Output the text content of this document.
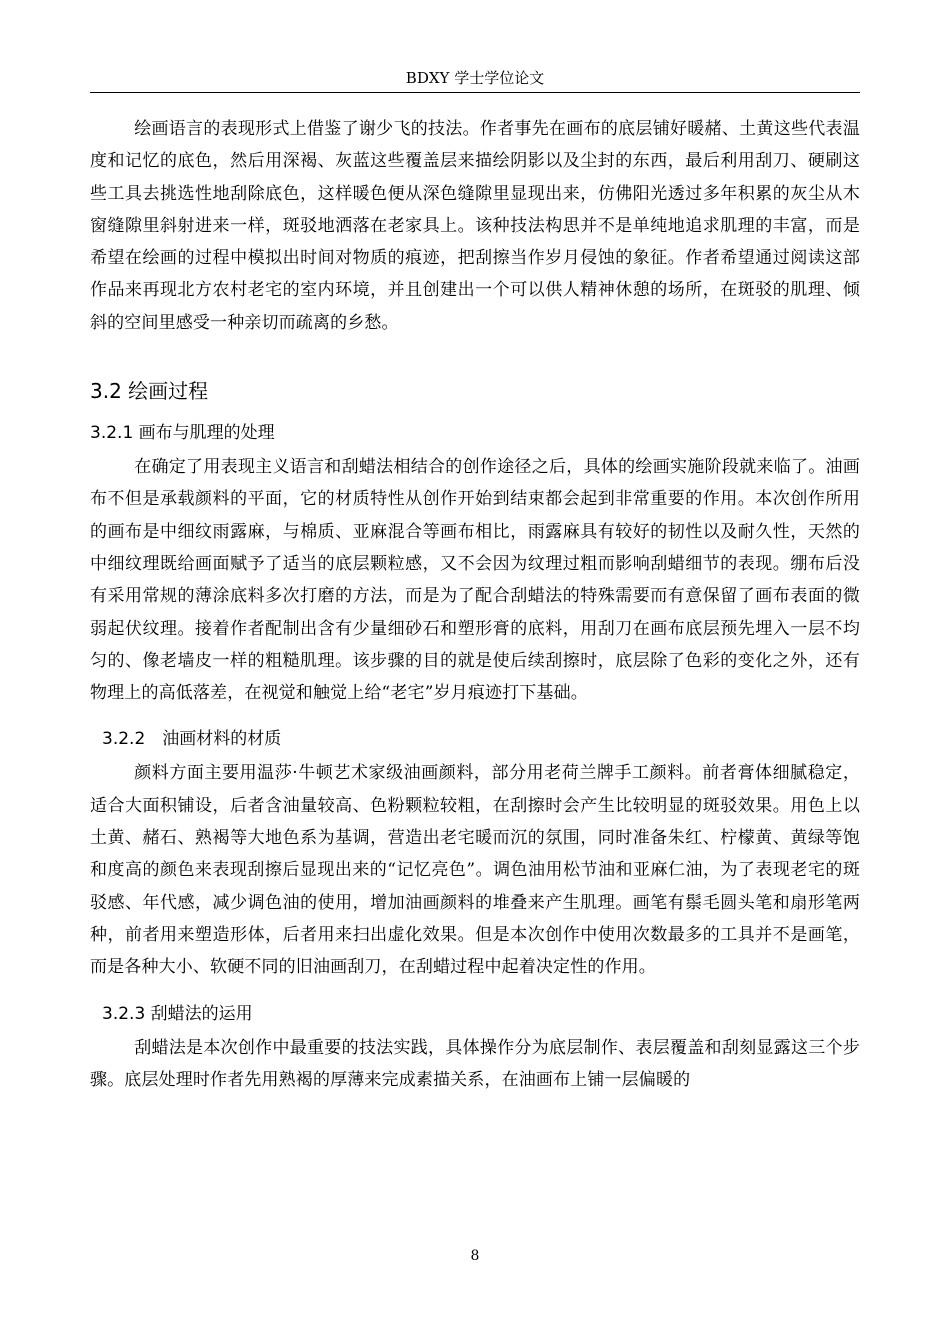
BDXY 学士学位论文

绘画语言的表现形式上借鉴了谢少飞的技法。作者事先在画布的底层铺好暖赭、土黄这些代表温度和记忆的底色，然后用深褐、灰蓝这些覆盖层来描绘阴影以及尘封的东西，最后利用刮刀、硬刷这些工具去挑选性地刮除底色，这样暖色便从深色缝隙里显现出来，仿佛阳光透过多年积累的灰尘从木窗缝隙里斜射进来一样，斑驳地洒落在老家具上。该种技法构思并不是单纯地追求肌理的丰富，而是希望在绘画的过程中模拟出时间对物质的痕迹，把刮擦当作岁月侵蚀的象征。作者希望通过阅读这部作品来再现北方农村老宅的室内环境，并且创建出一个可以供人精神休憩的场所，在斑驳的肌理、倾斜的空间里感受一种亲切而疏离的乡愁。

3.2 绘画过程
3.2.1 画布与肌理的处理

在确定了用表现主义语言和刮蜡法相结合的创作途径之后，具体的绘画实施阶段就来临了。油画布不但是承载颜料的平面，它的材质特性从创作开始到结束都会起到非常重要的作用。本次创作所用的画布是中细纹雨露麻，与棉质、亚麻混合等画布相比，雨露麻具有较好的韧性以及耐久性，天然的中细纹理既给画面赋予了适当的底层颗粒感，又不会因为纹理过粗而影响刮蜡细节的表现。绷布后没有采用常规的薄涂底料多次打磨的方法，而是为了配合刮蜡法的特殊需要而有意保留了画布表面的微弱起伏纹理。接着作者配制出含有少量细砂石和塑形膏的底料，用刮刀在画布底层预先埋入一层不均匀的、像老墙皮一样的粗糙肌理。该步骤的目的就是使后续刮擦时，底层除了色彩的变化之外，还有物理上的高低落差，在视觉和触觉上给“老宅”岁月痕迹打下基础。

3.2.2　油画材料的材质

颜料方面主要用温莎·牛顿艺术家级油画颜料，部分用老荷兰牌手工颜料。前者膏体细腻稳定，适合大面积铺设，后者含油量较高、色粉颗粒较粗，在刮擦时会产生比较明显的斑驳效果。用色上以土黄、赭石、熟褐等大地色系为基调，营造出老宅暖而沉的氛围，同时准备朱红、柠檬黄、黄绿等饱和度高的颜色来表现刮擦后显现出来的“记忆亮色”。调色油用松节油和亚麻仁油，为了表现老宅的斑驳感、年代感，减少调色油的使用，增加油画颜料的堆叠来产生肌理。画笔有鬃毛圆头笔和扇形笔两种，前者用来塑造形体，后者用来扫出虚化效果。但是本次创作中使用次数最多的工具并不是画笔，而是各种大小、软硬不同的旧油画刮刀，在刮蜡过程中起着决定性的作用。

3.2.3 刮蜡法的运用

刮蜡法是本次创作中最重要的技法实践，具体操作分为底层制作、表层覆盖和刮刻显露这三个步骤。底层处理时作者先用熟褐的厚薄来完成素描关系，在油画布上铺一层偏暖的

8
